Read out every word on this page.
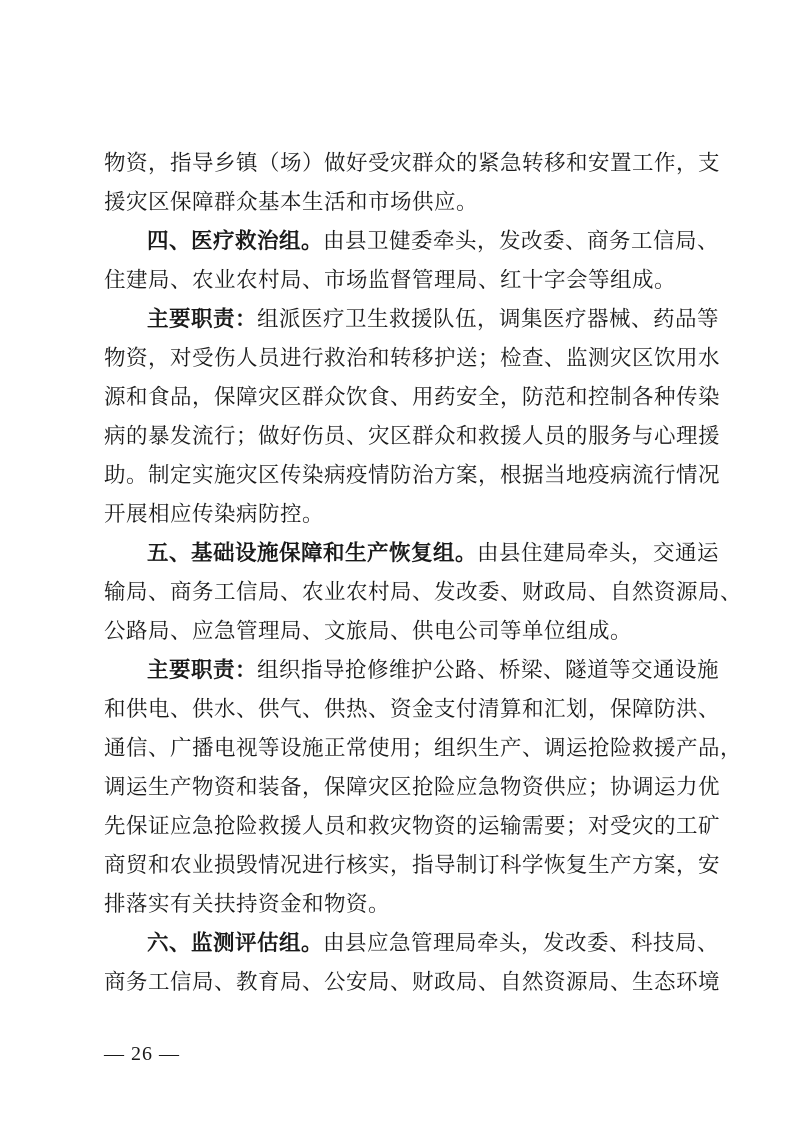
物资，指导乡镇（场）做好受灾群众的紧急转移和安置工作，支
援灾区保障群众基本生活和市场供应。
四、医疗救治组。由县卫健委牵头，发改委、商务工信局、
住建局、农业农村局、市场监督管理局、红十字会等组成。
主要职责：组派医疗卫生救援队伍，调集医疗器械、药品等
物资，对受伤人员进行救治和转移护送；检查、监测灾区饮用水
源和食品，保障灾区群众饮食、用药安全，防范和控制各种传染
病的暴发流行；做好伤员、灾区群众和救援人员的服务与心理援
助。制定实施灾区传染病疫情防治方案，根据当地疫病流行情况
开展相应传染病防控。
五、基础设施保障和生产恢复组。由县住建局牵头，交通运
输局、商务工信局、农业农村局、发改委、财政局、自然资源局、
公路局、应急管理局、文旅局、供电公司等单位组成。
主要职责：组织指导抢修维护公路、桥梁、隧道等交通设施
和供电、供水、供气、供热、资金支付清算和汇划，保障防洪、
通信、广播电视等设施正常使用；组织生产、调运抢险救援产品，
调运生产物资和装备，保障灾区抢险应急物资供应；协调运力优
先保证应急抢险救援人员和救灾物资的运输需要；对受灾的工矿
商贸和农业损毁情况进行核实，指导制订科学恢复生产方案，安
排落实有关扶持资金和物资。
六、监测评估组。由县应急管理局牵头，发改委、科技局、
商务工信局、教育局、公安局、财政局、自然资源局、生态环境
— 26 —
